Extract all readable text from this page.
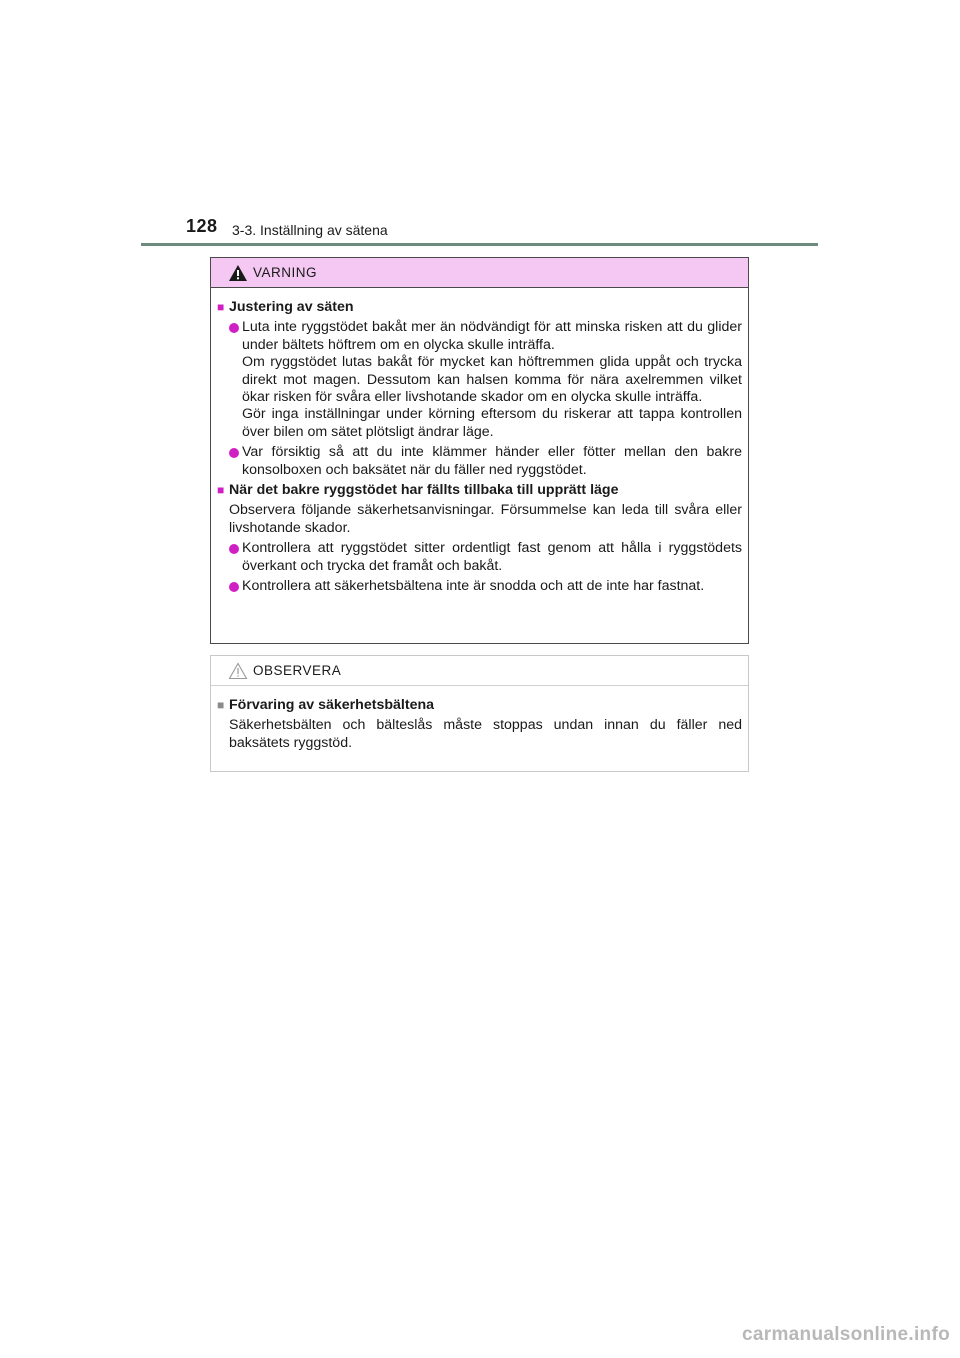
128 3-3. Inställning av sätena
VARNING
■ Justering av säten

Luta inte ryggstödet bakåt mer än nödvändigt för att minska risken att du glider under bältets höftrem om en olycka skulle inträffa.

Om ryggstödet lutas bakåt för mycket kan höftremmen glida uppåt och trycka direkt mot magen. Dessutom kan halsen komma för nära axelremmen vilket ökar risken för svåra eller livshotande skador om en olycka skulle inträffa.

Gör inga inställningar under körning eftersom du riskerar att tappa kontrollen över bilen om sätet plötsligt ändrar läge.

Var försiktig så att du inte klämmer händer eller fötter mellan den bakre konsolboxen och baksätet när du fäller ned ryggstödet.

■ När det bakre ryggstödet har fällts tillbaka till upprätt läge

Observera följande säkerhetsanvisningar. Försummelse kan leda till svåra eller livshotande skador.

Kontrollera att ryggstödet sitter ordentligt fast genom att hålla i ryggstödets överkant och trycka det framåt och bakåt.

Kontrollera att säkerhetsbältena inte är snodda och att de inte har fastnat.

OBSERVERA
■ Förvaring av säkerhetsbältena

Säkerhetsbälten och bälteslås måste stoppas undan innan du fäller ned baksätets ryggstöd.

carmanualsonline.info
